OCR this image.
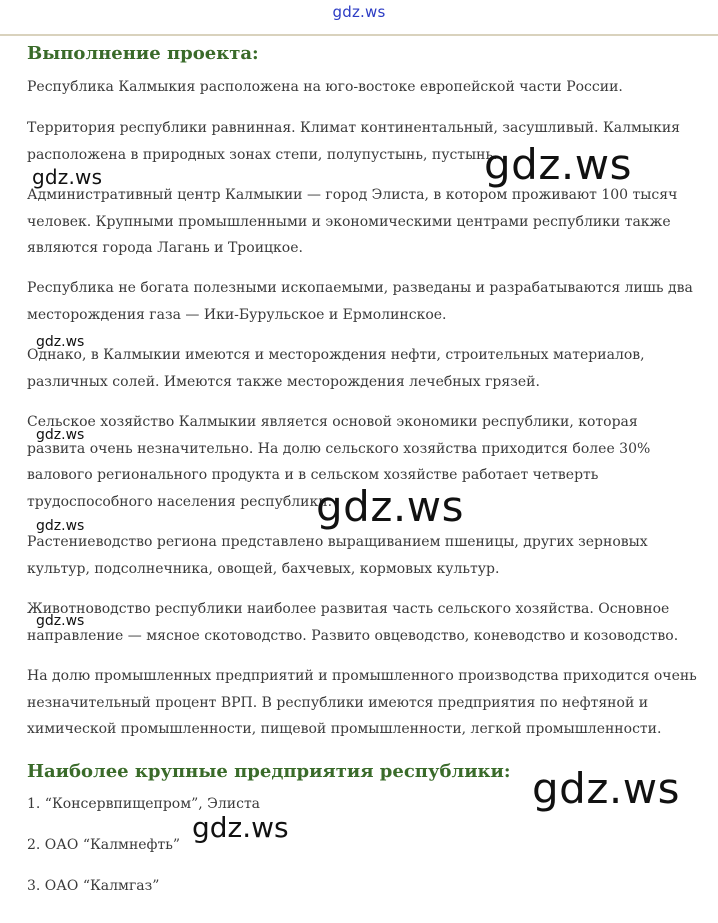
gdz.ws
Выполнение проекта:
Республика Калмыкия расположена на юго-востоке европейской части России.
Территория республики равнинная. Климат континентальный, засушливый. Калмыкия расположена в природных зонах степи, полупустынь, пустынь.
Административный центр Калмыкии — город Элиста, в котором проживают 100 тысяч человек. Крупными промышленными и экономическими центрами республики также являются города Лагань и Троицкое.
Республика не богата полезными ископаемыми, разведаны и разрабатываются лишь два месторождения газа — Ики-Бурульское и Ермолинское.
Однако, в Калмыкии имеются и месторождения нефти, строительных материалов, различных солей. Имеются также месторождения лечебных грязей.
Сельское хозяйство Калмыкии является основой экономики республики, которая развита очень незначительно. На долю сельского хозяйства приходится более 30% валового регионального продукта и в сельском хозяйстве работает четверть трудоспособного населения республики.
Растениеводство региона представлено выращиванием пшеницы, других зерновых культур, подсолнечника, овощей, бахчевых, кормовых культур.
Животноводство республики наиболее развитая часть сельского хозяйства. Основное направление — мясное скотоводство. Развито овцеводство, коневодство и козоводство.
На долю промышленных предприятий и промышленного производства приходится очень незначительный процент ВРП. В республики имеются предприятия по нефтяной и химической промышленности, пищевой промышленности, легкой промышленности.
Наиболее крупные предприятия республики:
1. “Консервпищепром”, Элиста
2. ОАО “Калмнефть”
3. ОАО “Калмгаз”
gdz.ws	gdz.ws
gdz.ws
gdz.ws
gdz.ws
gdz.ws
gdz.ws
gdz.ws
gdz.ws
